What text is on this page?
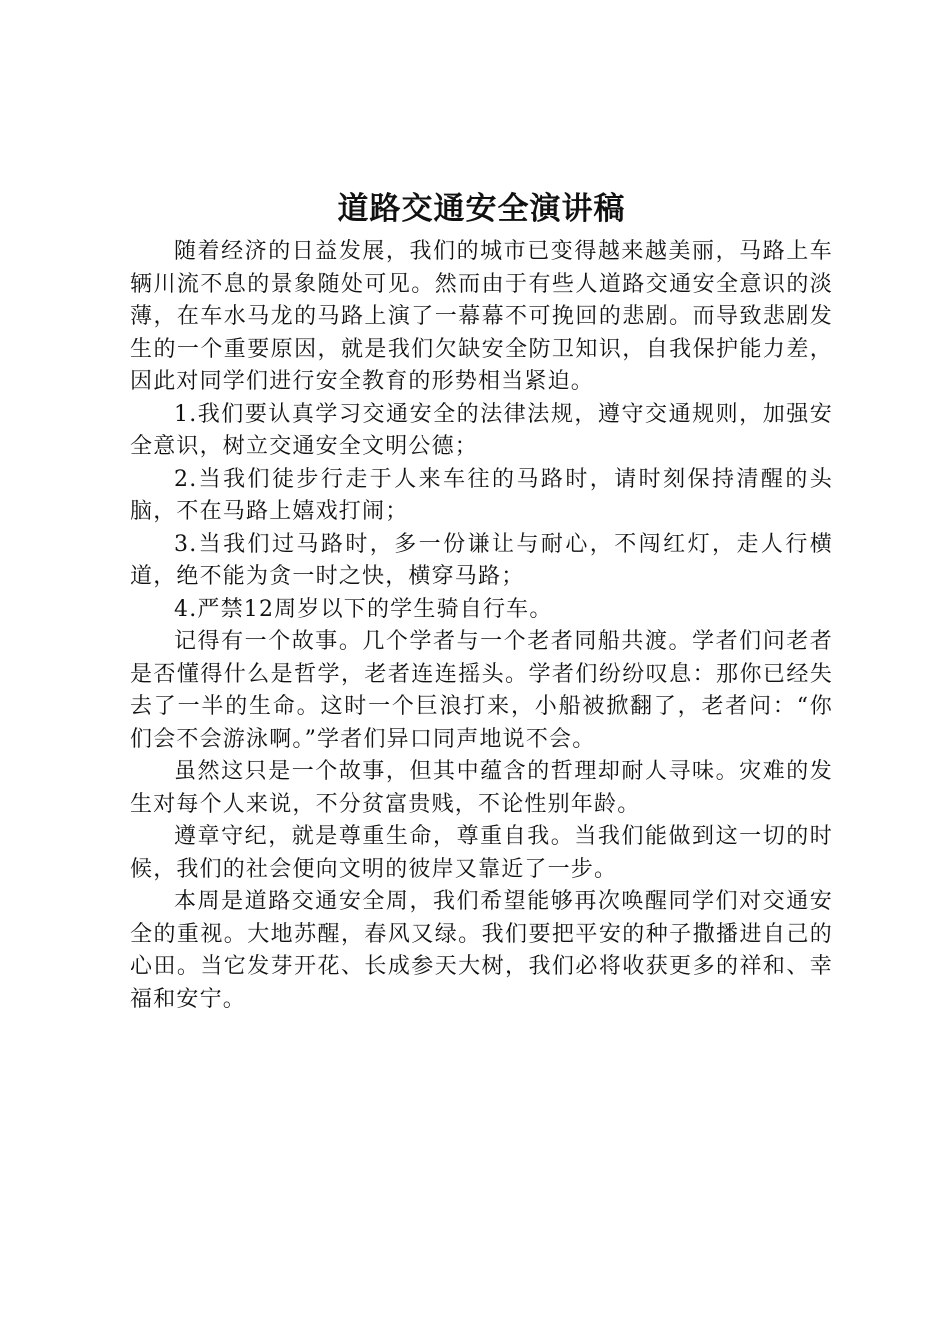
道路交通安全演讲稿

随着经济的日益发展，我们的城市已变得越来越美丽，马路上车辆川流不息的景象随处可见。然而由于有些人道路交通安全意识的淡薄，在车水马龙的马路上演了一幕幕不可挽回的悲剧。而导致悲剧发生的一个重要原因，就是我们欠缺安全防卫知识，自我保护能力差，因此对同学们进行安全教育的形势相当紧迫。

1.我们要认真学习交通安全的法律法规，遵守交通规则，加强安全意识，树立交通安全文明公德；

2.当我们徒步行走于人来车往的马路时，请时刻保持清醒的头脑，不在马路上嬉戏打闹；

3.当我们过马路时，多一份谦让与耐心，不闯红灯，走人行横道，绝不能为贪一时之快，横穿马路；

4.严禁12周岁以下的学生骑自行车。

记得有一个故事。几个学者与一个老者同船共渡。学者们问老者是否懂得什么是哲学，老者连连摇头。学者们纷纷叹息：那你已经失去了一半的生命。这时一个巨浪打来，小船被掀翻了，老者问：“你们会不会游泳啊。”学者们异口同声地说不会。

虽然这只是一个故事，但其中蕴含的哲理却耐人寻味。灾难的发生对每个人来说，不分贫富贵贱，不论性别年龄。

遵章守纪，就是尊重生命，尊重自我。当我们能做到这一切的时候，我们的社会便向文明的彼岸又靠近了一步。

本周是道路交通安全周，我们希望能够再次唤醒同学们对交通安全的重视。大地苏醒，春风又绿。我们要把平安的种子撒播进自己的心田。当它发芽开花、长成参天大树，我们必将收获更多的祥和、幸福和安宁。
